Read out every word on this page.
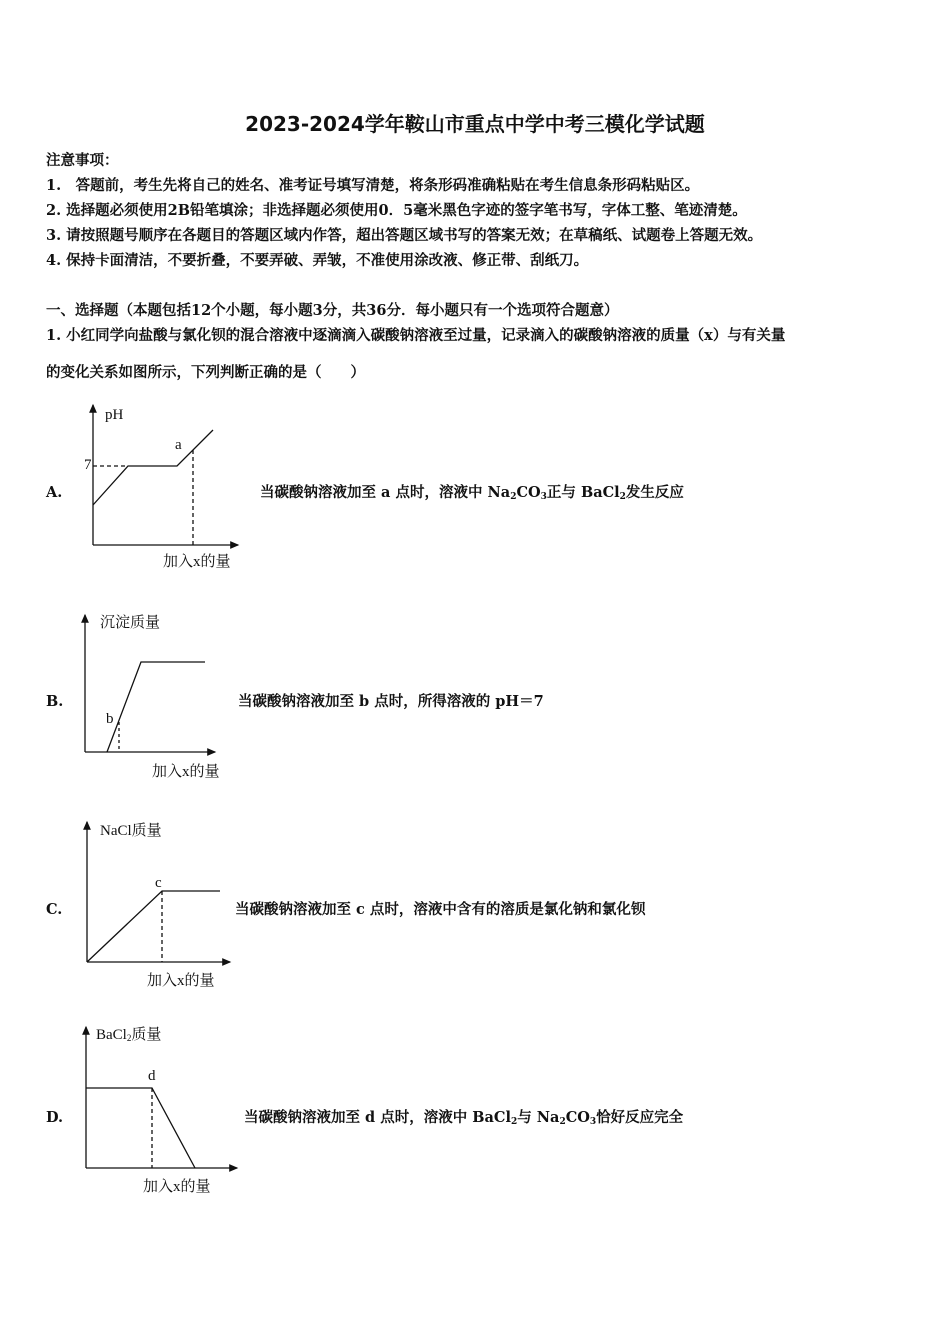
2023-2024学年鞍山市重点中学中考三模化学试题
注意事项：
1.　答题前，考生先将自己的姓名、准考证号填写清楚，将条形码准确粘贴在考生信息条形码粘贴区。
2. 选择题必须使用2B铅笔填涂；非选择题必须使用0．5毫米黑色字迹的签字笔书写，字体工整、笔迹清楚。
3. 请按照题号顺序在各题目的答题区域内作答，超出答题区域书写的答案无效；在草稿纸、试题卷上答题无效。
4. 保持卡面清洁，不要折叠，不要弄破、弄皱，不准使用涂改液、修正带、刮纸刀。
一、选择题（本题包括12个小题，每小题3分，共36分．每小题只有一个选项符合题意）
1. 小红同学向盐酸与氯化钡的混合溶液中逐滴滴入碳酸钠溶液至过量，记录滴入的碳酸钠溶液的质量（x）与有关量
的变化关系如图所示，下列判断正确的是（　　）
A.
pH
7
a
加入x的量
当碳酸钠溶液加至 a 点时，溶液中 $Na_2CO_3$正与 BaCl$_2$发生反应
B.
沉淀质量
b
加入x的量
当碳酸钠溶液加至 b 点时，所得溶液的 pH＝7
C.
NaCl质量
c
加入x的量
当碳酸钠溶液加至 c 点时，溶液中含有的溶质是氯化钠和氯化钡
D.
BaCl$_2$质量
d
加入x的量
当碳酸钠溶液加至 d 点时，溶液中 BaCl$_2$与 $Na_2CO_3$恰好反应完全
